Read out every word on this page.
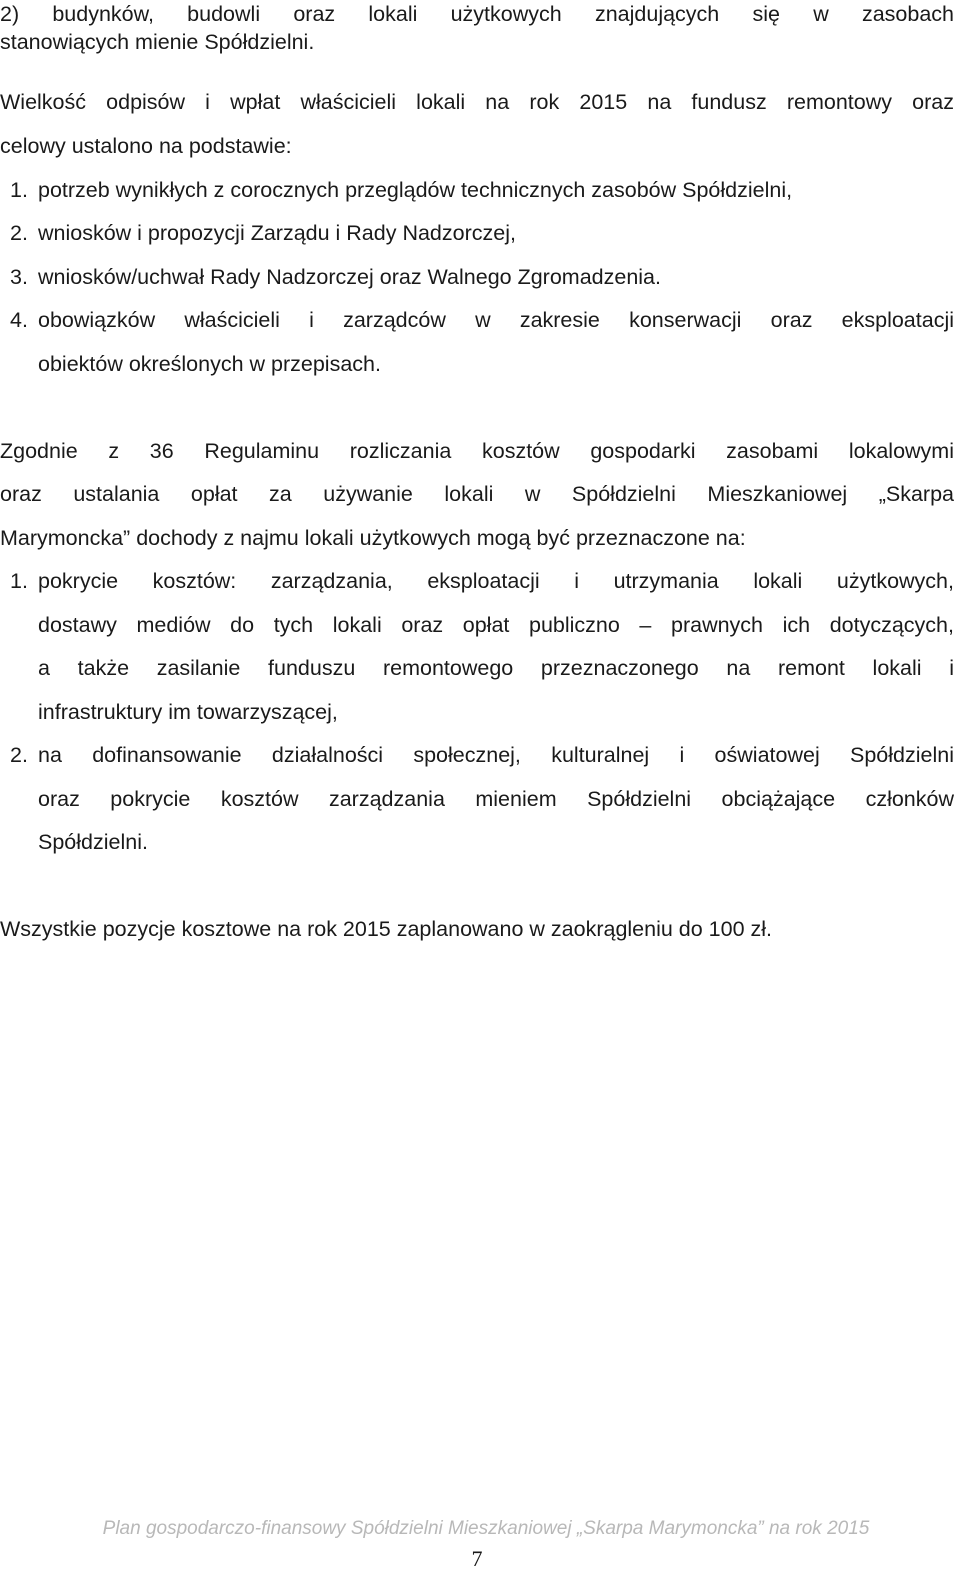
2) budynków, budowli oraz lokali użytkowych znajdujących się w zasobach
stanowiących mienie Spółdzielni.
Wielkość odpisów i wpłat właścicieli lokali na rok 2015 na fundusz remontowy oraz
celowy ustalono na podstawie:
1. potrzeb wynikłych z corocznych przeglądów technicznych zasobów Spółdzielni,
2. wniosków i propozycji Zarządu i Rady Nadzorczej,
3. wniosków/uchwał Rady Nadzorczej oraz Walnego Zgromadzenia.
4. obowiązków właścicieli i zarządców w zakresie konserwacji oraz eksploatacji
obiektów określonych w przepisach.
Zgodnie z 36 Regulaminu rozliczania kosztów gospodarki zasobami lokalowymi
oraz ustalania opłat za używanie lokali w Spółdzielni Mieszkaniowej „Skarpa
Marymoncka” dochody z najmu lokali użytkowych mogą być przeznaczone na:
1. pokrycie kosztów: zarządzania, eksploatacji i utrzymania lokali użytkowych,
dostawy mediów do tych lokali oraz opłat publiczno – prawnych ich dotyczących,
a także zasilanie funduszu remontowego przeznaczonego na remont lokali i
infrastruktury im towarzyszącej,
2. na dofinansowanie działalności społecznej, kulturalnej i oświatowej Spółdzielni
oraz pokrycie kosztów zarządzania mieniem Spółdzielni obciążające członków
Spółdzielni.
Wszystkie pozycje kosztowe na rok 2015 zaplanowano w zaokrągleniu do 100 zł.
Plan gospodarczo-finansowy Spółdzielni Mieszkaniowej „Skarpa Marymoncka” na rok 2015
7
